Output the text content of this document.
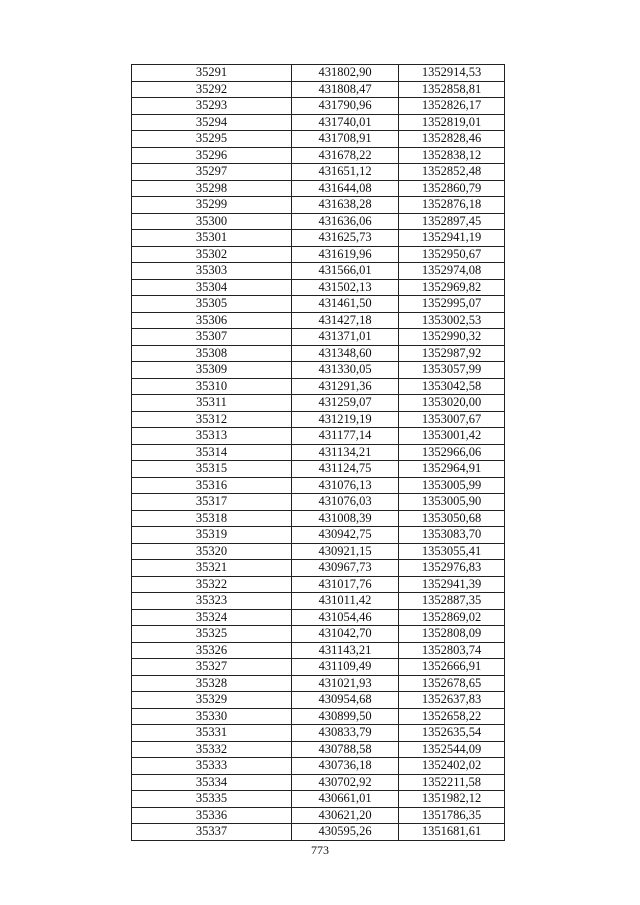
35291	431802,90	1352914,53
35292	431808,47	1352858,81
35293	431790,96	1352826,17
35294	431740,01	1352819,01
35295	431708,91	1352828,46
35296	431678,22	1352838,12
35297	431651,12	1352852,48
35298	431644,08	1352860,79
35299	431638,28	1352876,18
35300	431636,06	1352897,45
35301	431625,73	1352941,19
35302	431619,96	1352950,67
35303	431566,01	1352974,08
35304	431502,13	1352969,82
35305	431461,50	1352995,07
35306	431427,18	1353002,53
35307	431371,01	1352990,32
35308	431348,60	1352987,92
35309	431330,05	1353057,99
35310	431291,36	1353042,58
35311	431259,07	1353020,00
35312	431219,19	1353007,67
35313	431177,14	1353001,42
35314	431134,21	1352966,06
35315	431124,75	1352964,91
35316	431076,13	1353005,99
35317	431076,03	1353005,90
35318	431008,39	1353050,68
35319	430942,75	1353083,70
35320	430921,15	1353055,41
35321	430967,73	1352976,83
35322	431017,76	1352941,39
35323	431011,42	1352887,35
35324	431054,46	1352869,02
35325	431042,70	1352808,09
35326	431143,21	1352803,74
35327	431109,49	1352666,91
35328	431021,93	1352678,65
35329	430954,68	1352637,83
35330	430899,50	1352658,22
35331	430833,79	1352635,54
35332	430788,58	1352544,09
35333	430736,18	1352402,02
35334	430702,92	1352211,58
35335	430661,01	1351982,12
35336	430621,20	1351786,35
35337	430595,26	1351681,61
773
